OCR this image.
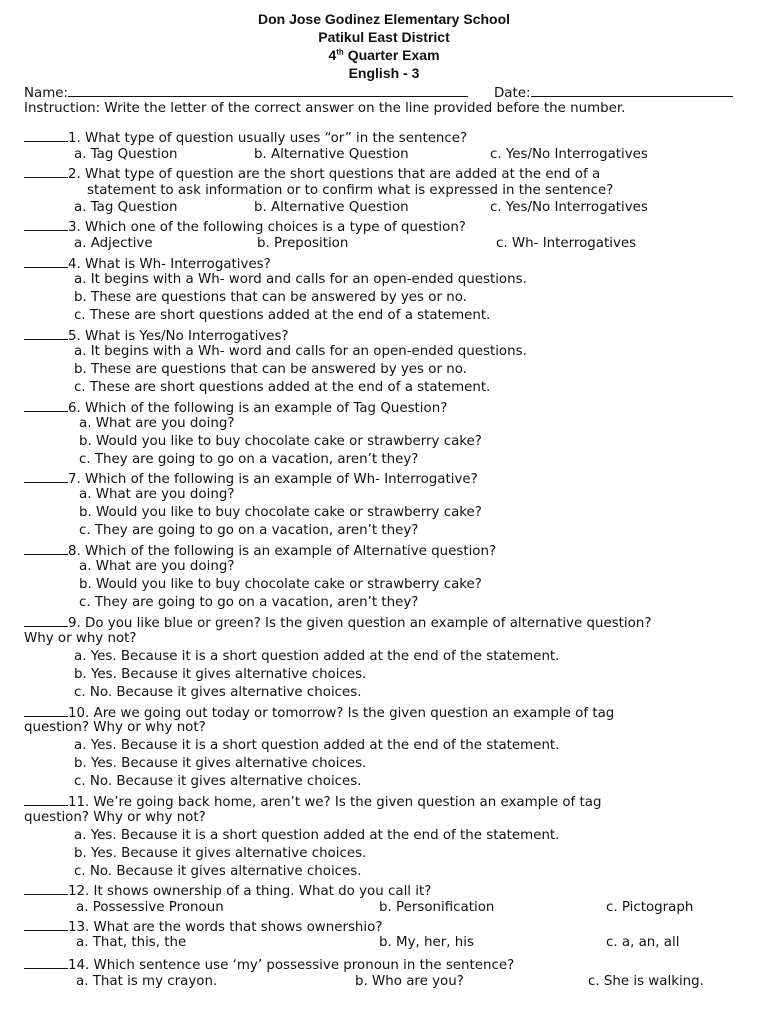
Don Jose Godinez Elementary School
Patikul East District
4th Quarter Exam
English - 3
Name:	Date:
Instruction: Write the letter of the correct answer on the line provided before the number.
1. What type of question usually uses “or” in the sentence?
a. Tag Question	b. Alternative Question	c. Yes/No Interrogatives
2. What type of question are the short questions that are added at the end of a
statement to ask information or to confirm what is expressed in the sentence?
a. Tag Question	b. Alternative Question	c. Yes/No Interrogatives
3. Which one of the following choices is a type of question?
a. Adjective	b. Preposition	c. Wh- Interrogatives
4. What is Wh- Interrogatives?
a. It begins with a Wh- word and calls for an open-ended questions.
b. These are questions that can be answered by yes or no.
c. These are short questions added at the end of a statement.
5. What is Yes/No Interrogatives?
a. It begins with a Wh- word and calls for an open-ended questions.
b. These are questions that can be answered by yes or no.
c. These are short questions added at the end of a statement.
6. Which of the following is an example of Tag Question?
a. What are you doing?
b. Would you like to buy chocolate cake or strawberry cake?
c. They are going to go on a vacation, aren’t they?
7. Which of the following is an example of Wh- Interrogative?
a. What are you doing?
b. Would you like to buy chocolate cake or strawberry cake?
c. They are going to go on a vacation, aren’t they?
8. Which of the following is an example of Alternative question?
a. What are you doing?
b. Would you like to buy chocolate cake or strawberry cake?
c. They are going to go on a vacation, aren’t they?
9. Do you like blue or green? Is the given question an example of alternative question?
Why or why not?
a. Yes. Because it is a short question added at the end of the statement.
b. Yes. Because it gives alternative choices.
c. No. Because it gives alternative choices.
10. Are we going out today or tomorrow? Is the given question an example of tag
question? Why or why not?
a. Yes. Because it is a short question added at the end of the statement.
b. Yes. Because it gives alternative choices.
c. No. Because it gives alternative choices.
11. We’re going back home, aren’t we? Is the given question an example of tag
question? Why or why not?
a. Yes. Because it is a short question added at the end of the statement.
b. Yes. Because it gives alternative choices.
c. No. Because it gives alternative choices.
12. It shows ownership of a thing. What do you call it?
a. Possessive Pronoun	b. Personification	c. Pictograph
13. What are the words that shows ownershio?
a. That, this, the	b. My, her, his	c. a, an, all
14. Which sentence use ‘my’ possessive pronoun in the sentence?
a. That is my crayon.	b. Who are you?	c. She is walking.
